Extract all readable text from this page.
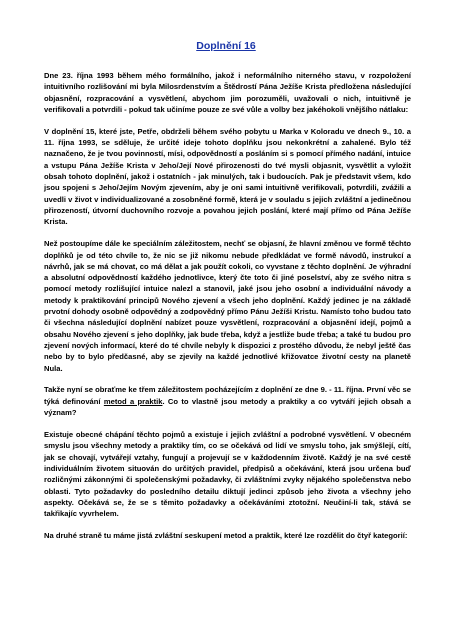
Doplnění 16

Dne 23. října 1993 během mého formálního, jakož i neformálního niterného stavu, v rozpoložení intuitivního rozlišování mi byla Milosrdenstvím a Štědrostí Pána Ježíše Krista předložena následující objasnění, rozpracování a vysvětlení, abychom jim porozuměli, uvažovali o nich, intuitivně je verifikovali a potvrdili - pokud tak učiníme pouze ze své vůle a volby bez jakéhokoli vnějšího nátlaku:

V doplnění 15, které jste, Petře, obdrželi během svého pobytu u Marka v Koloradu ve dnech 9., 10. a 11. října 1993, se sděluje, že určité ideje tohoto doplňku jsou nekonkrétní a zahalené. Bylo též naznačeno, že je tvou povinností, mísi, odpovědností a posláním si s pomocí přímého nadání, intuice a vstupu Pána Ježíše Krista v Jeho/Její Nové přirozenosti do tvé mysli objasnit, vysvětlit a vyložit obsah tohoto doplnění, jakož i ostatních - jak minulých, tak i budoucích. Pak je představit všem, kdo jsou spojeni s Jeho/Jejím Novým zjevením, aby je oni sami intuitivně verifikovali, potvrdili, zvážili a uvedli v život v individualizované a zosobněné formě, která je v souladu s jejich zvláštní a jedinečnou přirozeností, útvorní duchovního rozvoje a povahou jejich poslání, které mají přímo od Pána Ježíše Krista.

Než postoupíme dále ke speciálním záležitostem, nechť se objasní, že hlavní změnou ve formě těchto doplňků je od této chvíle to, že nic se již nikomu nebude předkládat ve formě návodů, instrukcí a návrhů, jak se má chovat, co má dělat a jak použít cokoli, co vyvstane z těchto doplnění. Je výhradní a absolutní odpovědností každého jednotlivce, který čte toto či jiné poselství, aby ze svého nitra s pomocí metody rozlišující intuice nalezl a stanovil, jaké jsou jeho osobní a individuální návody a metody k praktikování principů Nového zjevení a všech jeho doplnění. Každý jedinec je na základě prvotní dohody osobně odpovědný a zodpovědný přímo Pánu Ježíši Kristu. Namísto toho budou tato či všechna následující doplnění nabízet pouze vysvětlení, rozpracování a objasnění idejí, pojmů a obsahu Nového zjevení s jeho doplňky, jak bude třeba, když a jestliže bude třeba; a také tu budou pro zjevení nových informací, které do té chvíle nebyly k dispozici z prostého důvodu, že nebyl ještě čas nebo by to bylo předčasné, aby se zjevily na každé jednotlivé křižovatce životní cesty na planetě Nula.

Takže nyní se obraťme ke třem záležitostem pocházejícím z doplnění ze dne 9. - 11. října. První věc se týká definování metod a praktik. Co to vlastně jsou metody a praktiky a co vytváří jejich obsah a význam?

Existuje obecné chápání těchto pojmů a existuje i jejich zvláštní a podrobné vysvětlení. V obecném smyslu jsou všechny metody a praktiky tím, co se očekává od lidí ve smyslu toho, jak smýšlejí, cítí, jak se chovají, vytvářejí vztahy, fungují a projevují se v každodenním životě. Každý je na své cestě individuálním životem situován do určitých pravidel, předpisů a očekávání, která jsou určena buď rozličnými zákonnými či společenskými požadavky, či zvláštními zvyky nějakého společenstva nebo oblasti. Tyto požadavky do posledního detailu diktují jedinci způsob jeho života a všechny jeho aspekty. Očekává se, že se s těmito požadavky a očekáváními ztotožní. Neučiní-li tak, stává se takřikajíc vyvrhelem.

Na druhé straně tu máme jistá zvláštní seskupení metod a praktik, které lze rozdělit do čtyř kategorií:
